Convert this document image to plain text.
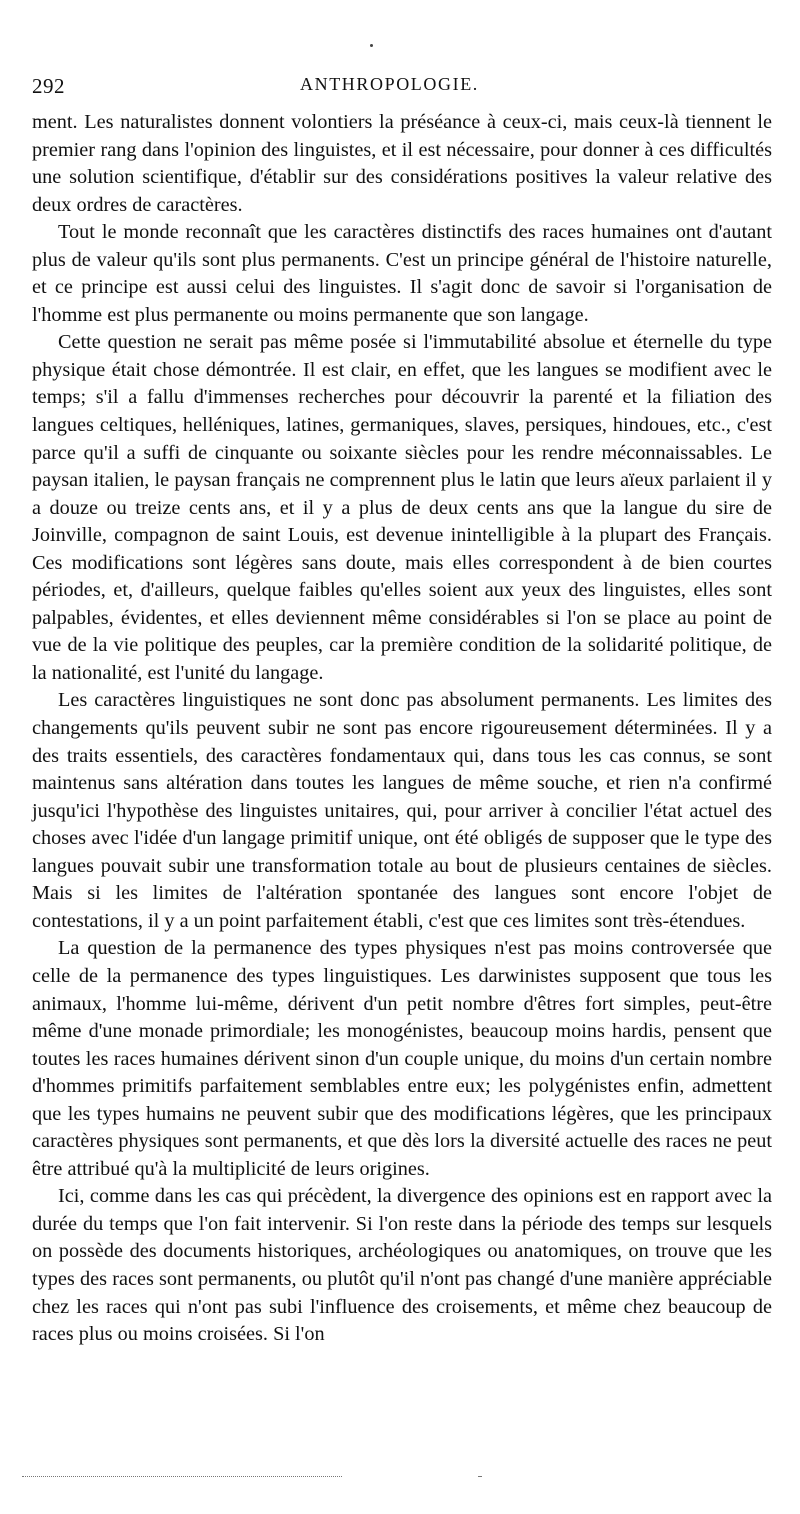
292	ANTHROPOLOGIE.

ment. Les naturalistes donnent volontiers la préséance à ceux-ci, mais ceux-là tiennent le premier rang dans l'opinion des linguistes, et il est nécessaire, pour donner à ces difficultés une solution scientifique, d'établir sur des considérations positives la valeur relative des deux ordres de caractères.

Tout le monde reconnaît que les caractères distinctifs des races humaines ont d'autant plus de valeur qu'ils sont plus permanents. C'est un principe général de l'histoire naturelle, et ce principe est aussi celui des linguistes. Il s'agit donc de savoir si l'organisation de l'homme est plus permanente ou moins permanente que son langage.

Cette question ne serait pas même posée si l'immutabilité absolue et éternelle du type physique était chose démontrée. Il est clair, en effet, que les langues se modifient avec le temps; s'il a fallu d'immenses recherches pour découvrir la parenté et la filiation des langues celtiques, helléniques, latines, germaniques, slaves, persiques, hindoues, etc., c'est parce qu'il a suffi de cinquante ou soixante siècles pour les rendre méconnaissables. Le paysan italien, le paysan français ne comprennent plus le latin que leurs aïeux parlaient il y a douze ou treize cents ans, et il y a plus de deux cents ans que la langue du sire de Joinville, compagnon de saint Louis, est devenue inintelligible à la plupart des Français. Ces modifications sont légères sans doute, mais elles correspondent à de bien courtes périodes, et, d'ailleurs, quelque faibles qu'elles soient aux yeux des linguistes, elles sont palpables, évidentes, et elles deviennent même considérables si l'on se place au point de vue de la vie politique des peuples, car la première condition de la solidarité politique, de la nationalité, est l'unité du langage.

Les caractères linguistiques ne sont donc pas absolument permanents. Les limites des changements qu'ils peuvent subir ne sont pas encore rigoureusement déterminées. Il y a des traits essentiels, des caractères fondamentaux qui, dans tous les cas connus, se sont maintenus sans altération dans toutes les langues de même souche, et rien n'a confirmé jusqu'ici l'hypothèse des linguistes unitaires, qui, pour arriver à concilier l'état actuel des choses avec l'idée d'un langage primitif unique, ont été obligés de supposer que le type des langues pouvait subir une transformation totale au bout de plusieurs centaines de siècles. Mais si les limites de l'altération spontanée des langues sont encore l'objet de contestations, il y a un point parfaitement établi, c'est que ces limites sont très-étendues.

La question de la permanence des types physiques n'est pas moins controversée que celle de la permanence des types linguistiques. Les darwinistes supposent que tous les animaux, l'homme lui-même, dérivent d'un petit nombre d'êtres fort simples, peut-être même d'une monade primordiale; les monogénistes, beaucoup moins hardis, pensent que toutes les races humaines dérivent sinon d'un couple unique, du moins d'un certain nombre d'hommes primitifs parfaitement semblables entre eux; les polygénistes enfin, admettent que les types humains ne peuvent subir que des modifications légères, que les principaux caractères physiques sont permanents, et que dès lors la diversité actuelle des races ne peut être attribué qu'à la multiplicité de leurs origines.

Ici, comme dans les cas qui précèdent, la divergence des opinions est en rapport avec la durée du temps que l'on fait intervenir. Si l'on reste dans la période des temps sur lesquels on possède des documents historiques, archéologiques ou anatomiques, on trouve que les types des races sont permanents, ou plutôt qu'il n'ont pas changé d'une manière appréciable chez les races qui n'ont pas subi l'influence des croisements, et même chez beaucoup de races plus ou moins croisées. Si l'on
